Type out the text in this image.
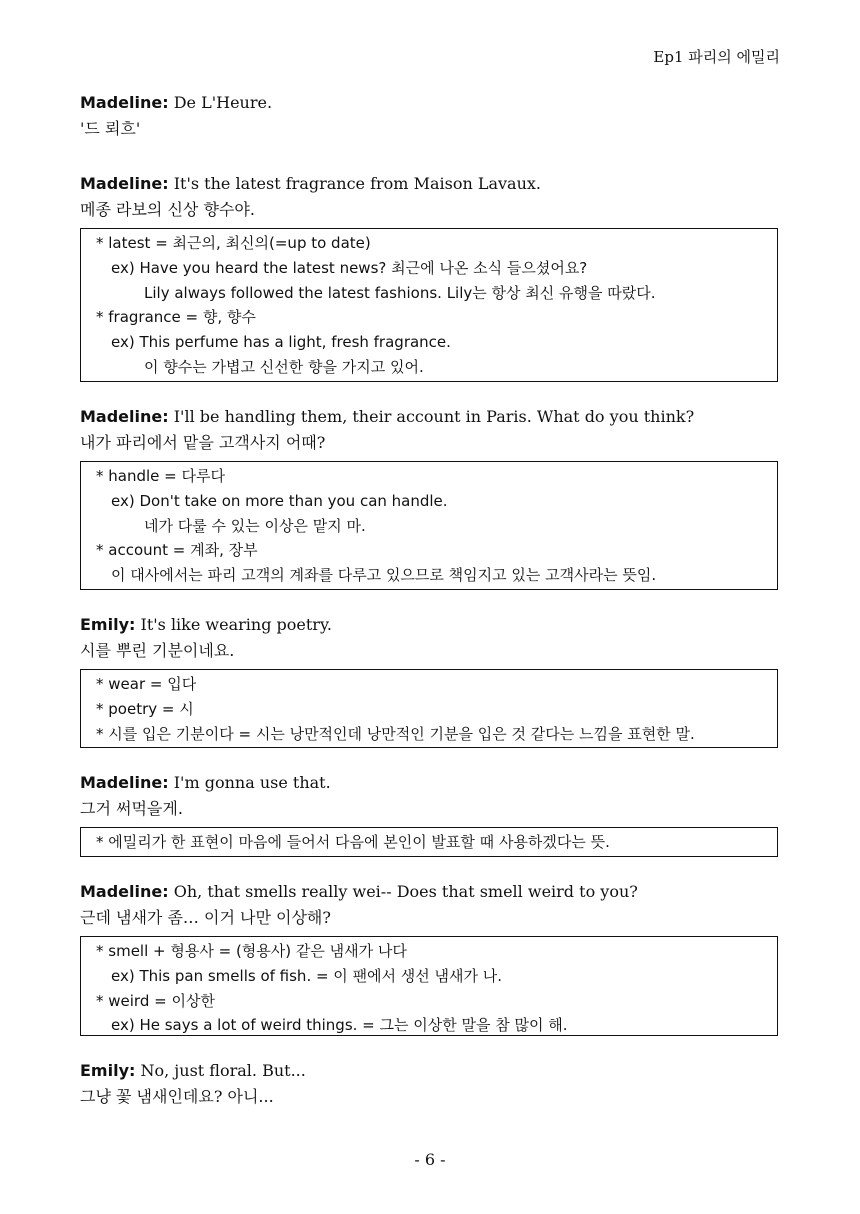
Ep1 파리의 에밀리
Madeline: De L'Heure.
'드 뢰흐'
Madeline: It's the latest fragrance from Maison Lavaux.
메종 라보의 신상 향수야.
* latest = 최근의, 최신의(=up to date)
ex) Have you heard the latest news? 최근에 나온 소식 들으셨어요?
Lily always followed the latest fashions. Lily는 항상 최신 유행을 따랐다.
* fragrance = 향, 향수
ex) This perfume has a light, fresh fragrance.
이 향수는 가볍고 신선한 향을 가지고 있어.
Madeline: I'll be handling them, their account in Paris. What do you think?
내가 파리에서 맡을 고객사지 어때?
* handle = 다루다
ex) Don't take on more than you can handle.
네가 다룰 수 있는 이상은 맡지 마.
* account = 계좌, 장부
이 대사에서는 파리 고객의 계좌를 다루고 있으므로 책임지고 있는 고객사라는 뜻임.
Emily: It's like wearing poetry.
시를 뿌린 기분이네요.
* wear = 입다
* poetry = 시
* 시를 입은 기분이다 = 시는 낭만적인데 낭만적인 기분을 입은 것 같다는 느낌을 표현한 말.
Madeline: I'm gonna use that.
그거 써먹을게.
* 에밀리가 한 표현이 마음에 들어서 다음에 본인이 발표할 때 사용하겠다는 뜻.
Madeline: Oh, that smells really wei-- Does that smell weird to you?
근데 냄새가 좀… 이거 나만 이상해?
* smell + 형용사 = (형용사) 같은 냄새가 나다
ex) This pan smells of fish. = 이 팬에서 생선 냄새가 나.
* weird = 이상한
ex) He says a lot of weird things. = 그는 이상한 말을 참 많이 해.
Emily: No, just floral. But...
그냥 꽃 냄새인데요? 아니...
- 6 -
